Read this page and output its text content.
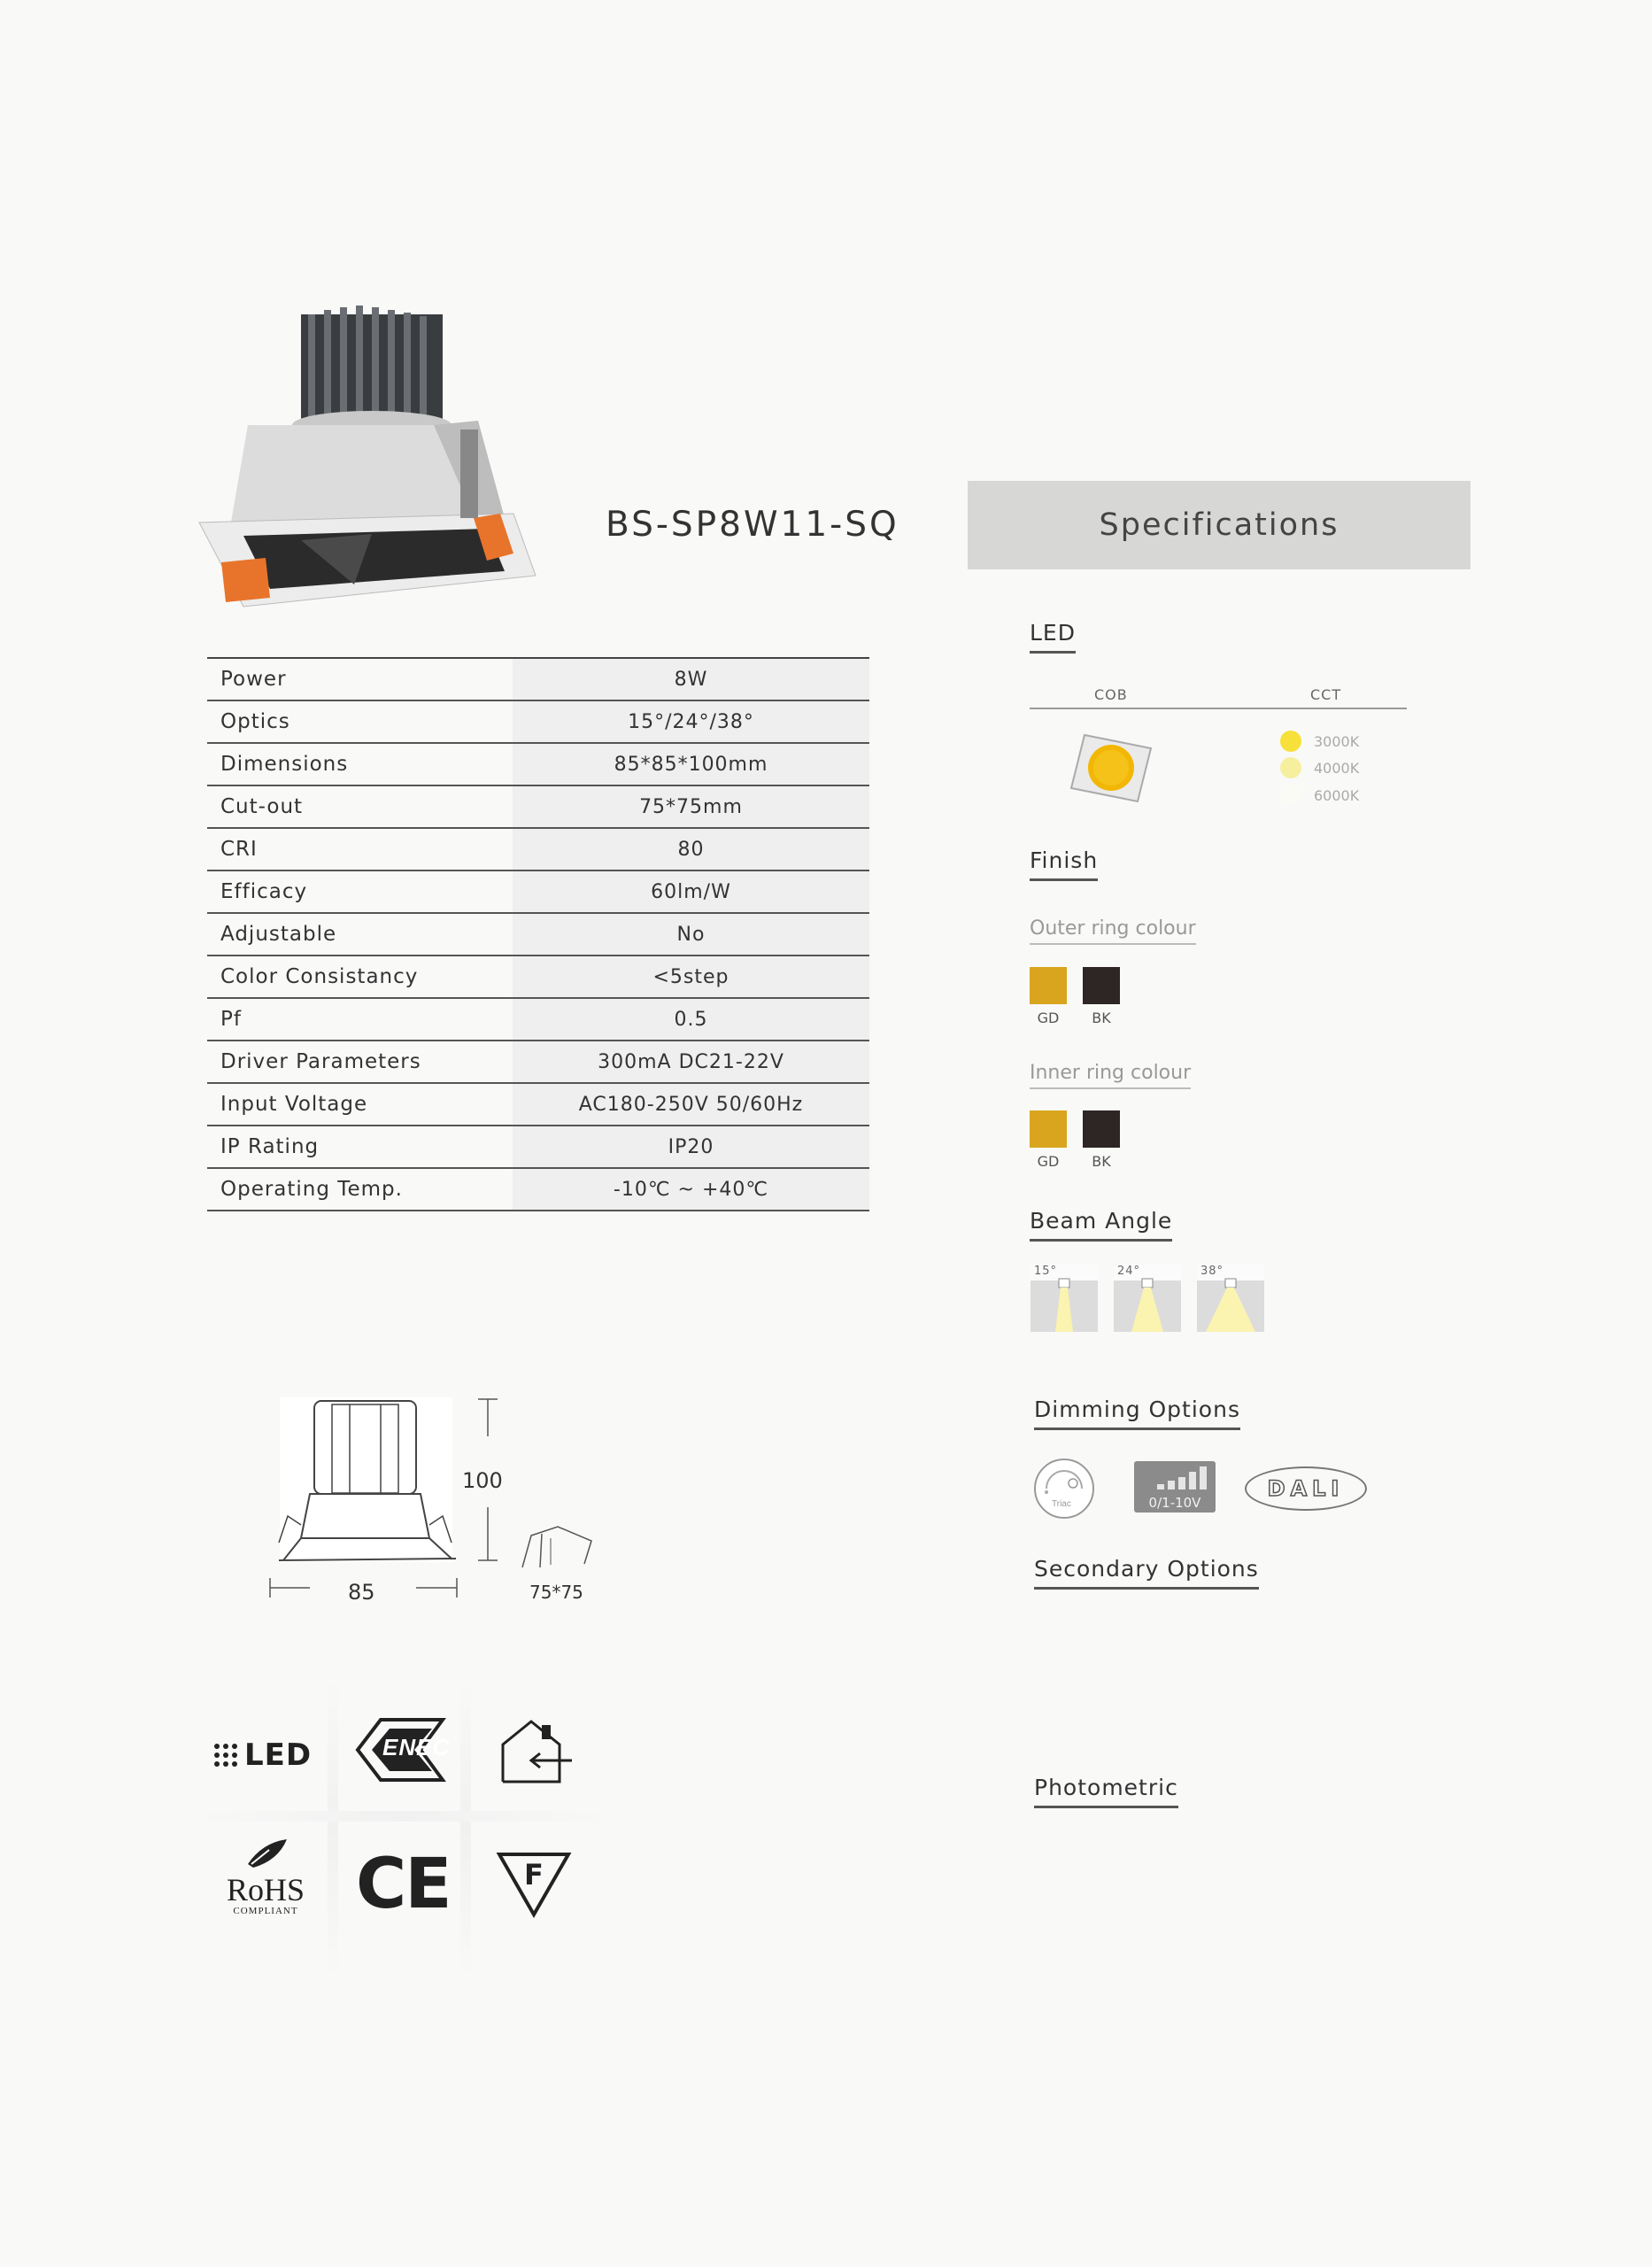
BS-SP8W11-SQ	Specifications
Power	8W
Optics	15°/24°/38°
Dimensions	85*85*100mm
Cut-out	75*75mm
CRI	80
Efficacy	60lm/W
Adjustable	No
Color Consistancy	<5step
Pf	0.5
Driver Parameters	300mA DC21-22V
Input Voltage	AC180-250V 50/60Hz
IP Rating	IP20
Operating Temp.	-10℃ ~ +40℃
LED
COB	CCT
3000K
4000K
6000K
Finish
Outer ring colour
GD	BK
Inner ring colour
GD	BK
Beam Angle
15°	24°	38°
Dimming Options
Triac	0/1-10V
DALI
Secondary Options
Photometric
100
85	75*75
LED	ENEC
RoHS
COMPLIANT CE	F
